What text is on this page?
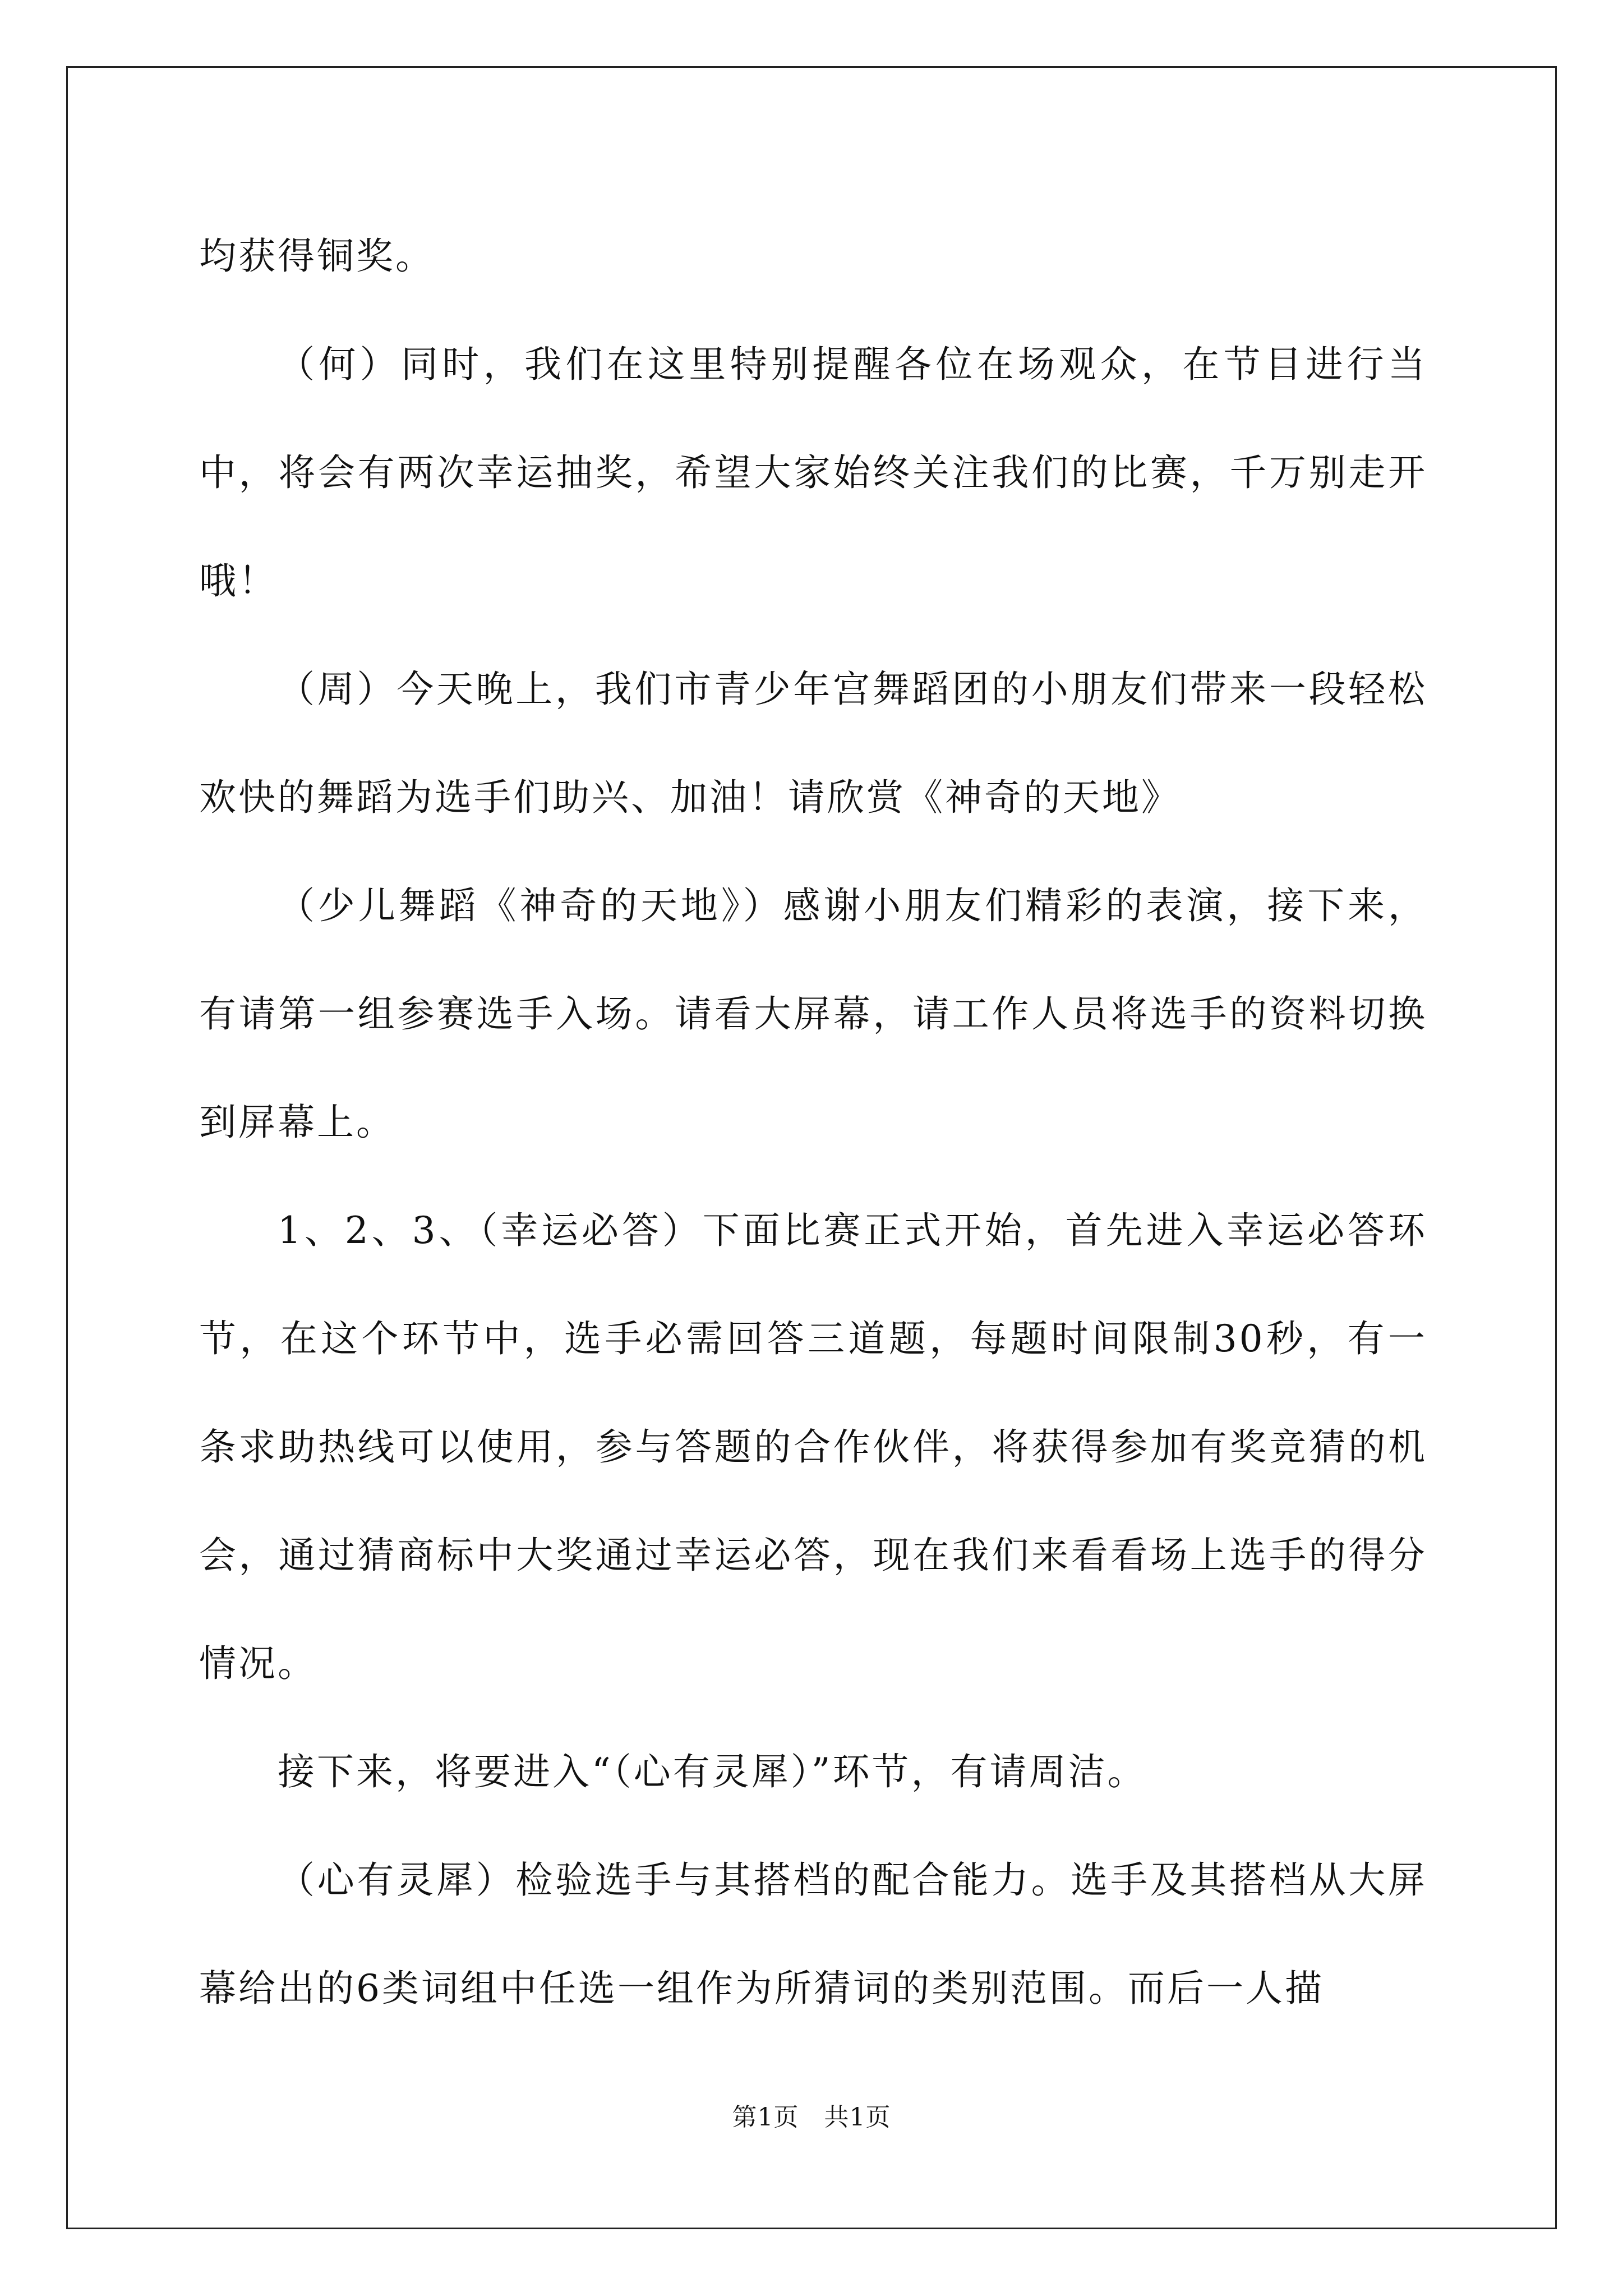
均获得铜奖。

（何）同时，我们在这里特别提醒各位在场观众，在节目进行当中，将会有两次幸运抽奖，希望大家始终关注我们的比赛，千万别走开哦！

（周）今天晚上，我们市青少年宫舞蹈团的小朋友们带来一段轻松欢快的舞蹈为选手们助兴、加油！请欣赏《神奇的天地》

（少儿舞蹈《神奇的天地》）感谢小朋友们精彩的表演，接下来，有请第一组参赛选手入场。请看大屏幕，请工作人员将选手的资料切换到屏幕上。

1、2、3、（幸运必答）下面比赛正式开始，首先进入幸运必答环节，在这个环节中，选手必需回答三道题，每题时间限制30秒，有一条求助热线可以使用，参与答题的合作伙伴，将获得参加有奖竞猜的机会，通过猜商标中大奖通过幸运必答，现在我们来看看场上选手的得分情况。

接下来，将要进入“（心有灵犀）”环节，有请周洁。

（心有灵犀）检验选手与其搭档的配合能力。选手及其搭档从大屏幕给出的6类词组中任选一组作为所猜词的类别范围。而后一人描

第1页　共1页
